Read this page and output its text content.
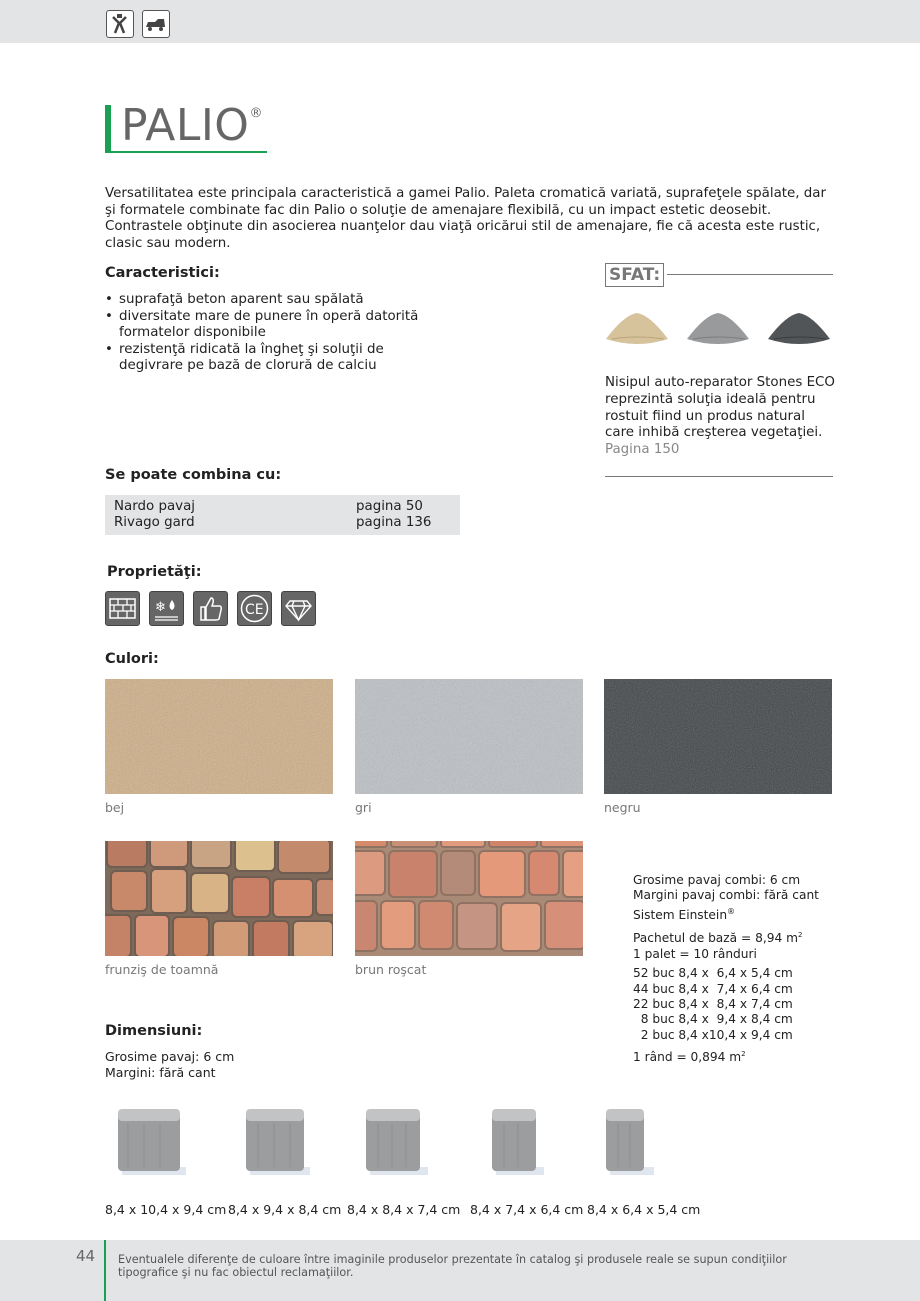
PALIO®

Versatilitatea este principala caracteristică a gamei Palio. Paleta cromatică variată, suprafeţele spălate, dar şi formatele combinate fac din Palio o soluţie de amenajare flexibilă, cu un impact estetic deosebit. Contrastele obţinute din asocierea nuanţelor dau viaţă oricărui stil de amenajare, fie că acesta este rustic, clasic sau modern.

Caracteristici:
• suprafaţă beton aparent sau spălată
• diversitate mare de punere în operă datorită formatelor disponibile
• rezistenţă ridicată la îngheţ şi soluţii de degivrare pe bază de clorură de calciu
SFAT:
Nisipul auto-reparator Stones ECO reprezintă soluţia ideală pentru rostuit fiind un produs natural care inhibă creşterea vegetaţiei.
Pagina 150
Se poate combina cu:
Nardo pavaj	pagina 50
Rivago gard	pagina 136
Proprietăţi:
❄	CE
Culori:
bej	gri	negru
frunziş de toamnă	brun roşcat
Grosime pavaj combi: 6 cm
Margini pavaj combi: fără cant
Sistem Einstein®
Pachetul de bază = 8,94 $m^2$
1 palet = 10 rânduri
52 buc 8,4 x  6,4 x 5,4 cm
44 buc 8,4 x  7,4 x 6,4 cm
22 buc 8,4 x  8,4 x 7,4 cm
8 buc 8,4 x  9,4 x 8,4 cm
2 buc 8,4 x10,4 x 9,4 cm
1 rând = 0,894 $m^2$
Dimensiuni:
Grosime pavaj: 6 cm
Margini: fără cant
8,4 x 10,4 x 9,4 cm 8,4 x 9,4 x 8,4 cm 8,4 x 8,4 x 7,4 cm 8,4 x 7,4 x 6,4 cm 8,4 x 6,4 x 5,4 cm
44 Eventualele diferenţe de culoare între imaginile produselor prezentate în catalog şi produsele reale se supun condiţiilor tipografice şi nu fac obiectul reclamaţiilor.
